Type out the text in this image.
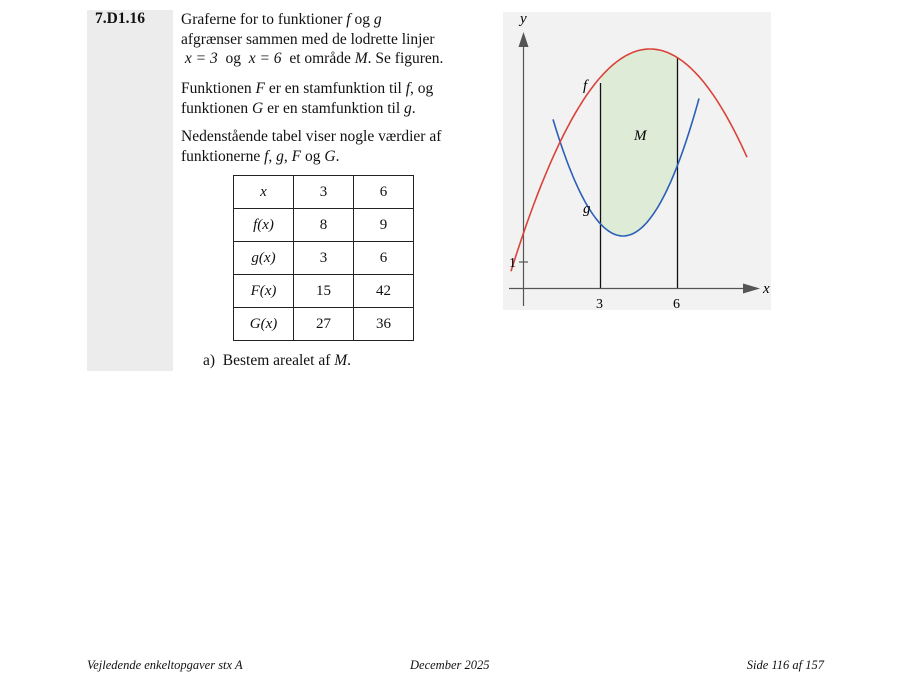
7.D1.16 Graferne for to funktioner f og g
afgrænser sammen med de lodrette linjer
x = 3 og x = 6  et område M. Se figuren.

Funktionen F er en stamfunktion til f, og
funktionen G er en stamfunktion til g.

Nedenstående tabel viser nogle værdier af
funktionerne f, g, F og G.

x	3	6
f(x)	8	9
g(x)	3	6
F(x)	15	42
G(x)	27	36
a) Bestem arealet af M.
y
x
1
3	6
f
g
M
Vejledende enkeltopgaver stx A	December 2025	Side 116 af 157
